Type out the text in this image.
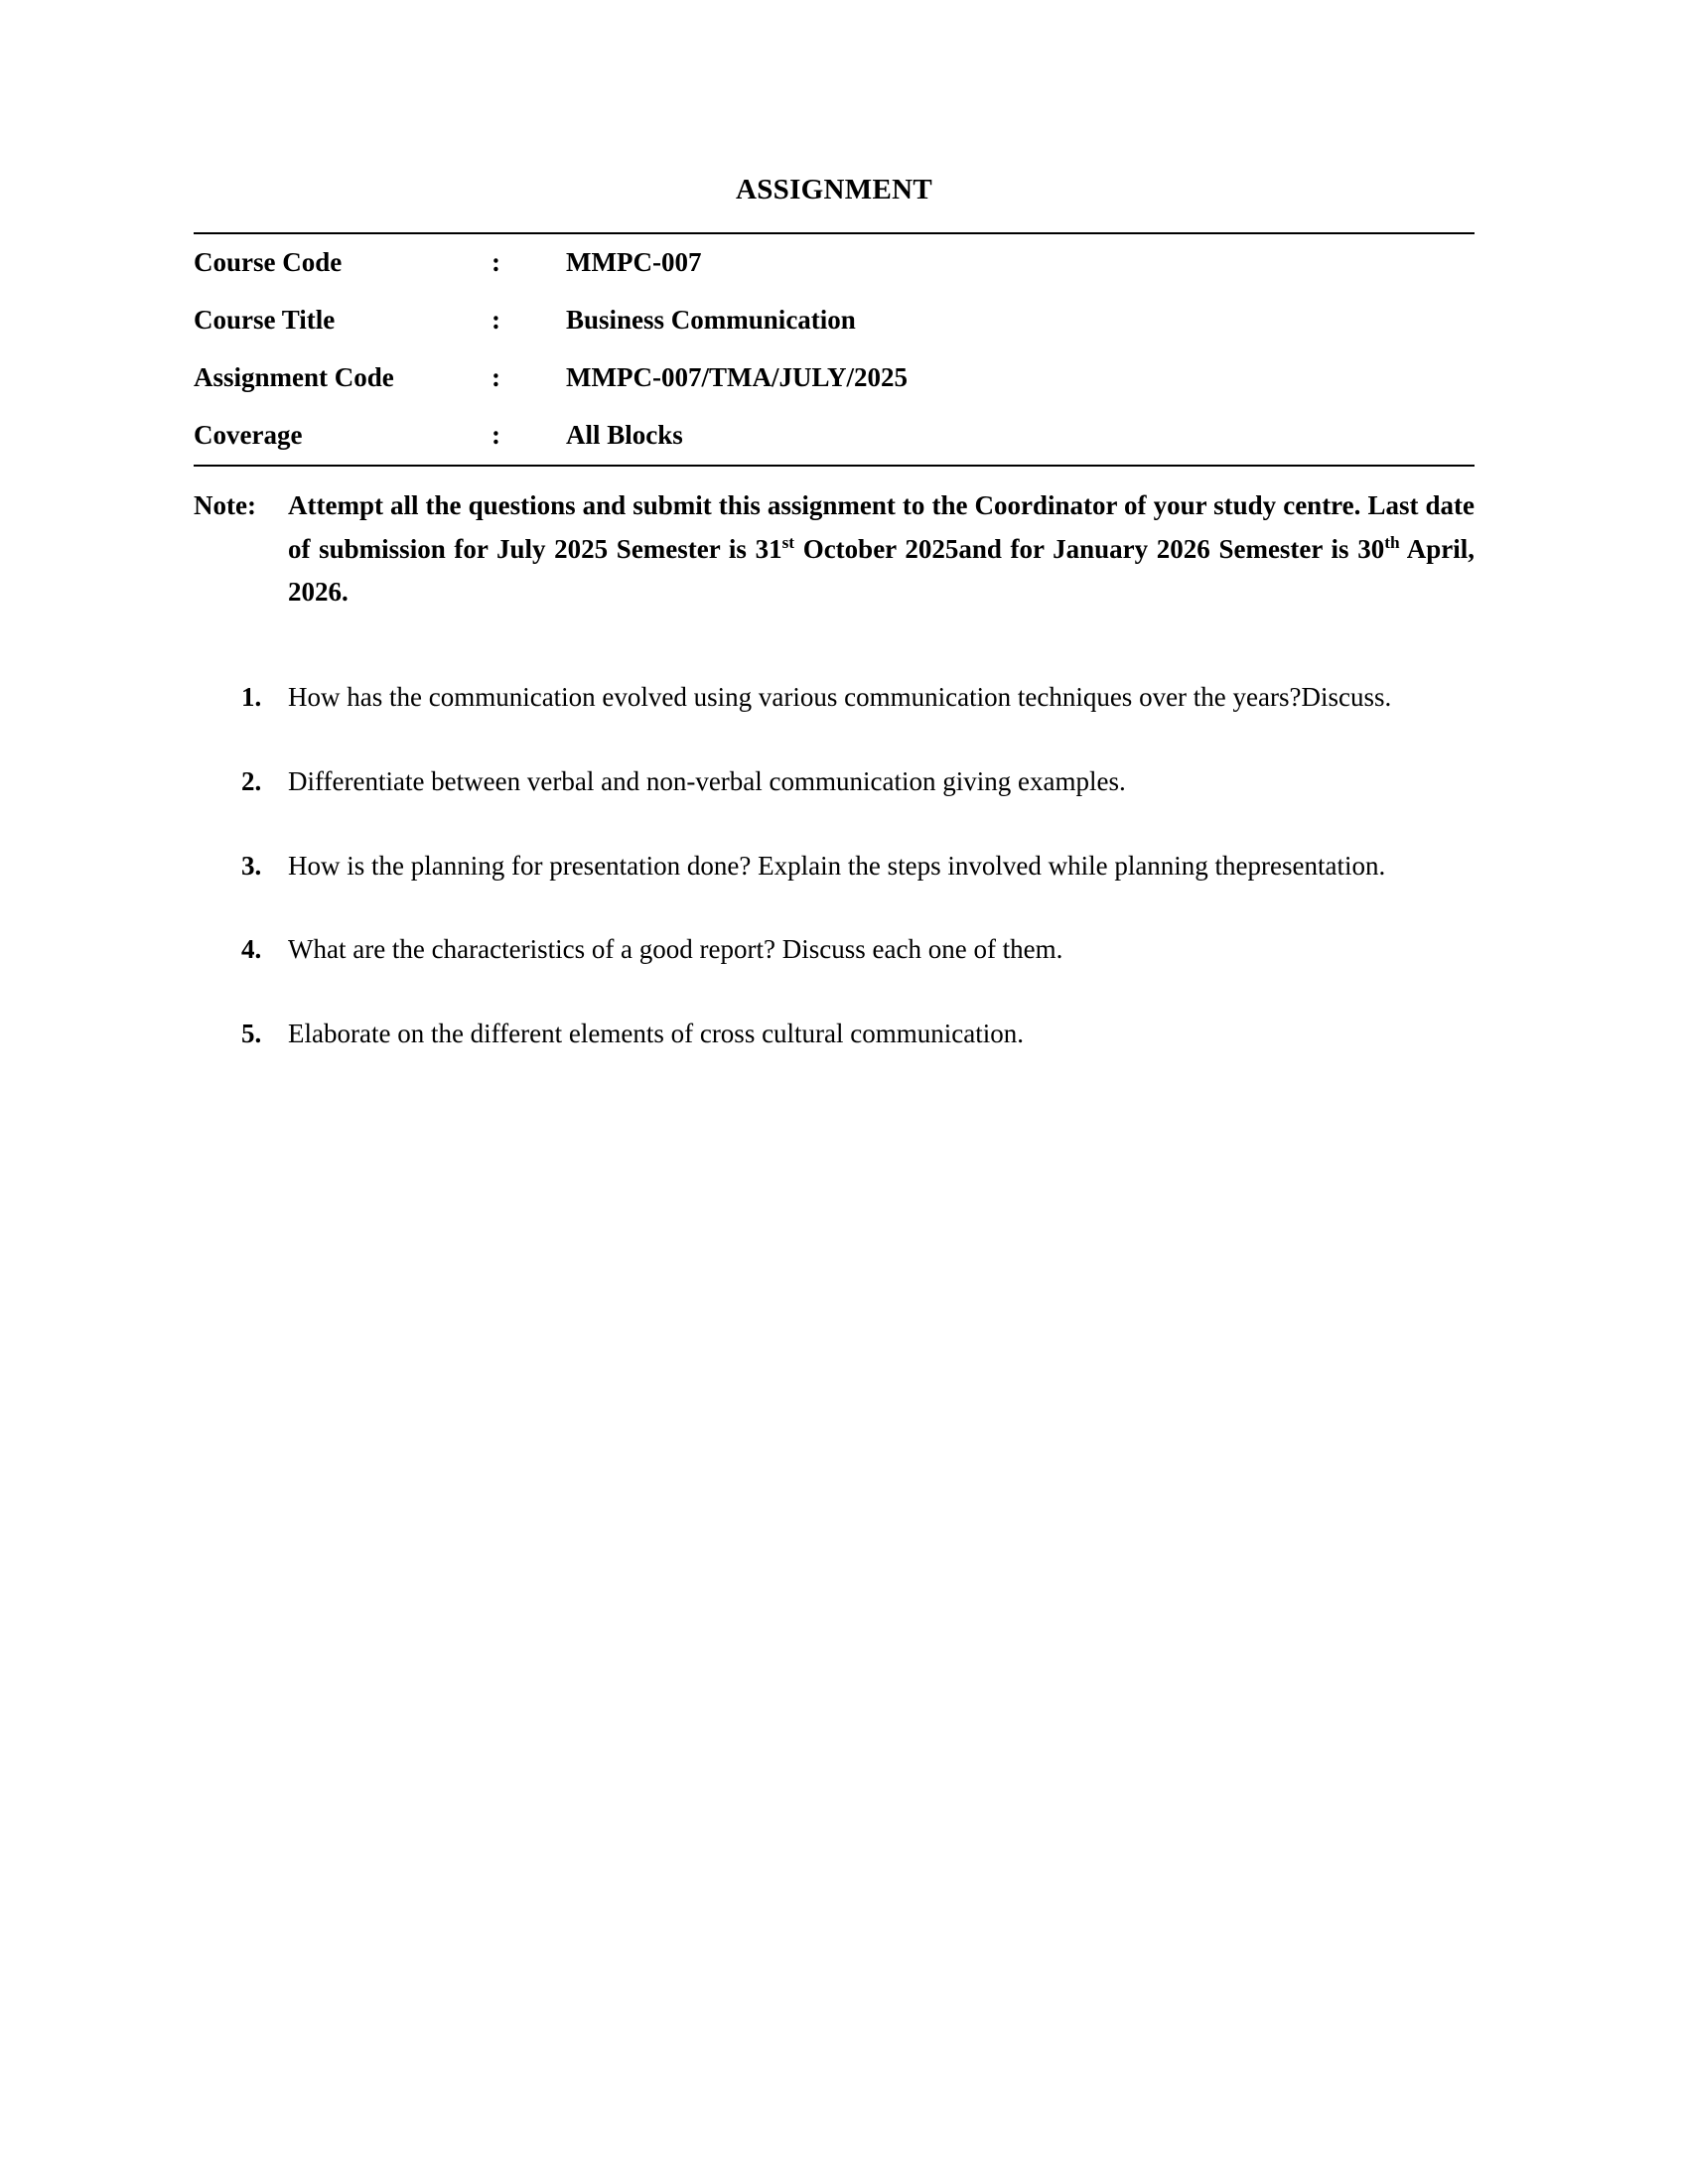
ASSIGNMENT
Course Code	:	MMPC-007
Course Title	:	Business Communication
Assignment Code	:	MMPC-007/TMA/JULY/2025
Coverage	:	All Blocks
Note: Attempt all the questions and submit this assignment to the Coordinator of your study centre. Last date of submission for July 2025 Semester is 31st October 2025and for January 2026 Semester is 30th April, 2026.
1. How has the communication evolved using various communication techniques over the years?Discuss.
2. Differentiate between verbal and non-verbal communication giving examples.
3. How is the planning for presentation done? Explain the steps involved while planning thepresentation.
4. What are the characteristics of a good report? Discuss each one of them.
5. Elaborate on the different elements of cross cultural communication.
